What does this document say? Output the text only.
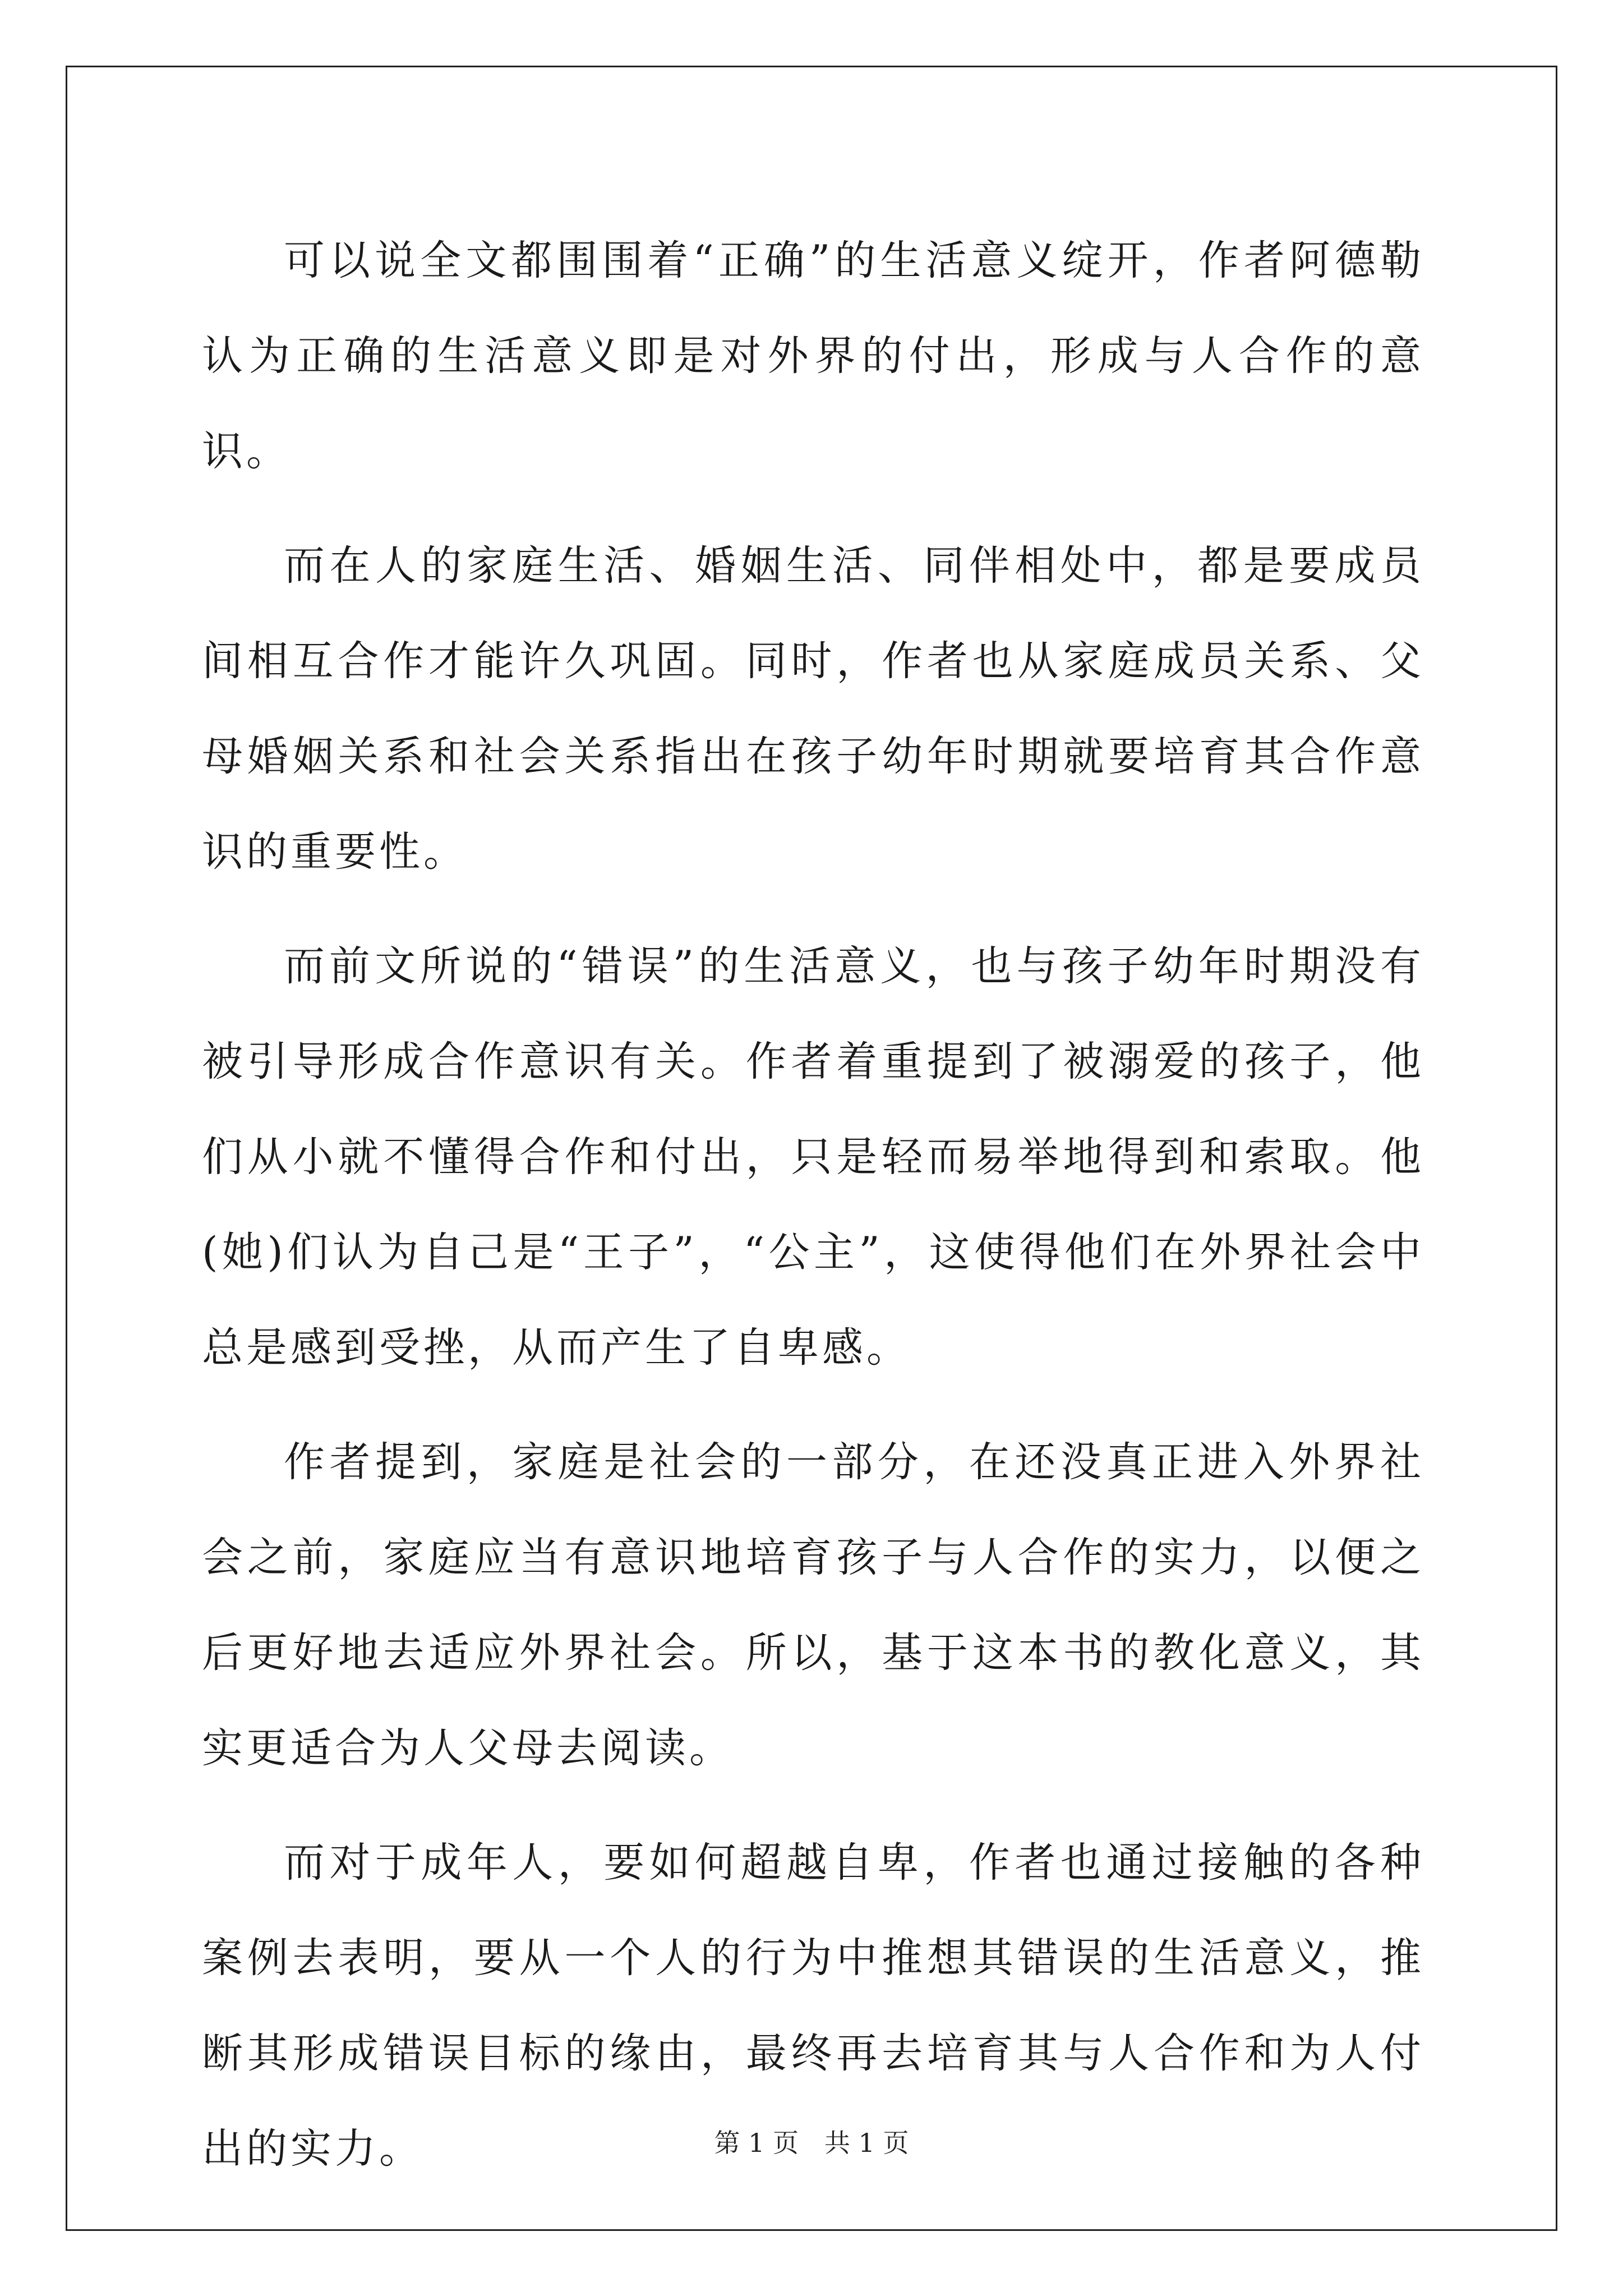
可以说全文都围围着“正确”的生活意义绽开，作者阿德勒认为正确的生活意义即是对外界的付出，形成与人合作的意识。

而在人的家庭生活、婚姻生活、同伴相处中，都是要成员间相互合作才能许久巩固。同时，作者也从家庭成员关系、父母婚姻关系和社会关系指出在孩子幼年时期就要培育其合作意识的重要性。

而前文所说的“错误”的生活意义，也与孩子幼年时期没有被引导形成合作意识有关。作者着重提到了被溺爱的孩子，他们从小就不懂得合作和付出，只是轻而易举地得到和索取。他(她)们认为自己是“王子”，“公主”，这使得他们在外界社会中总是感到受挫，从而产生了自卑感。

作者提到，家庭是社会的一部分，在还没真正进入外界社会之前，家庭应当有意识地培育孩子与人合作的实力，以便之后更好地去适应外界社会。所以，基于这本书的教化意义，其实更适合为人父母去阅读。

而对于成年人，要如何超越自卑，作者也通过接触的各种案例去表明，要从一个人的行为中推想其错误的生活意义，推断其形成错误目标的缘由，最终再去培育其与人合作和为人付出的实力。	第 1 页　共 1 页
